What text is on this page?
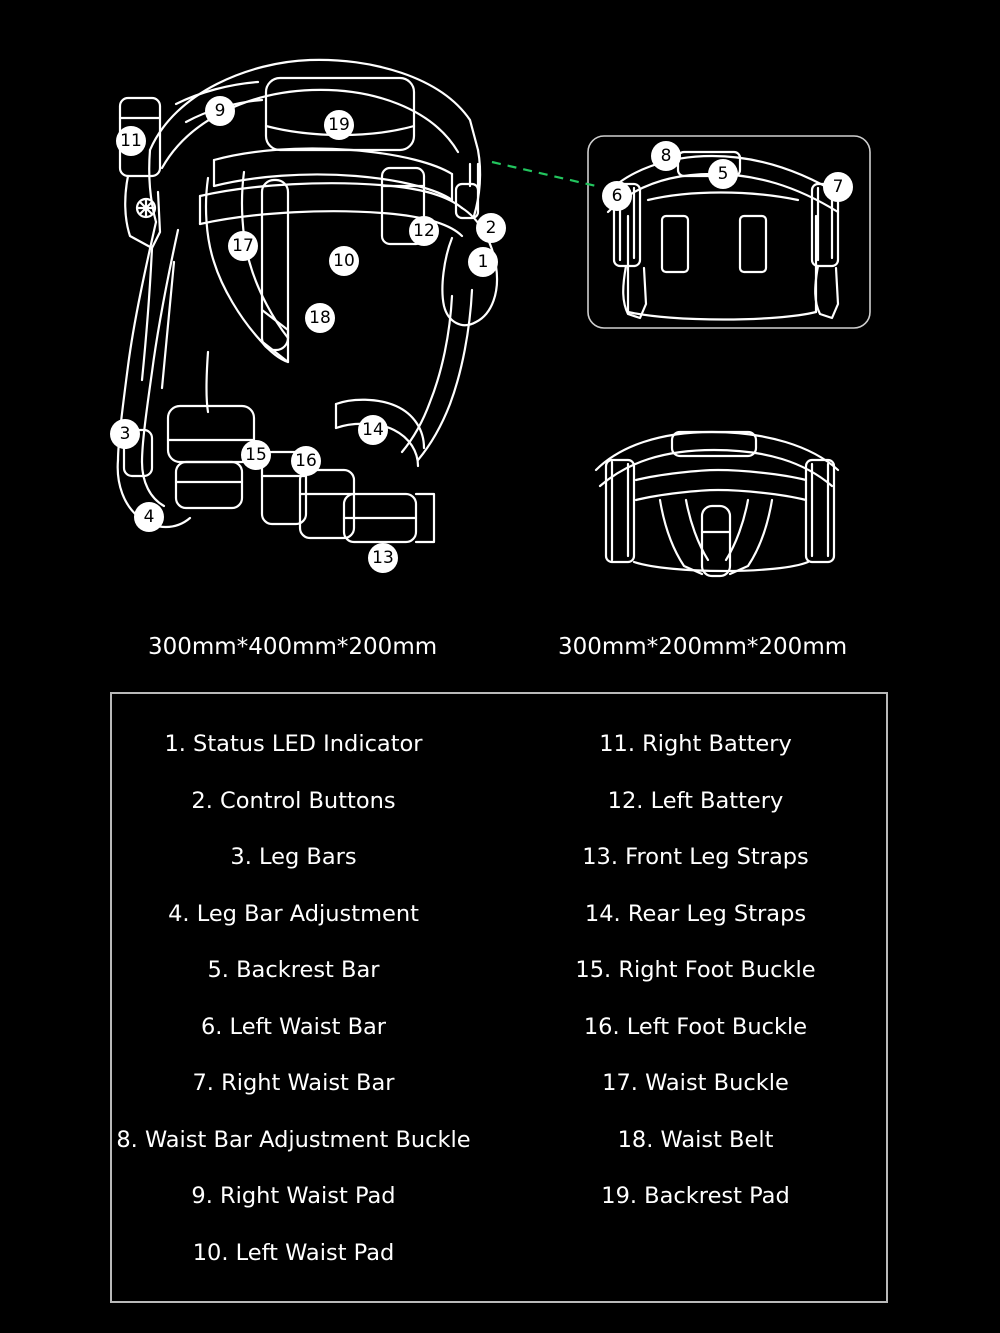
1
2
3
4
5
6	7
8
9
10
11
12
13
14
15 16
17
18
19
300mm*400mm*200mm	300mm*200mm*200mm
1. Status LED Indicator
2. Control Buttons
3. Leg Bars
4. Leg Bar Adjustment
5. Backrest Bar
6. Left Waist Bar
7. Right Waist Bar
8. Waist Bar Adjustment Buckle
9. Right Waist Pad
10. Left Waist Pad
11. Right Battery
12. Left Battery
13. Front Leg Straps
14. Rear Leg Straps
15. Right Foot Buckle
16. Left Foot Buckle
17. Waist Buckle
18. Waist Belt
19. Backrest Pad
